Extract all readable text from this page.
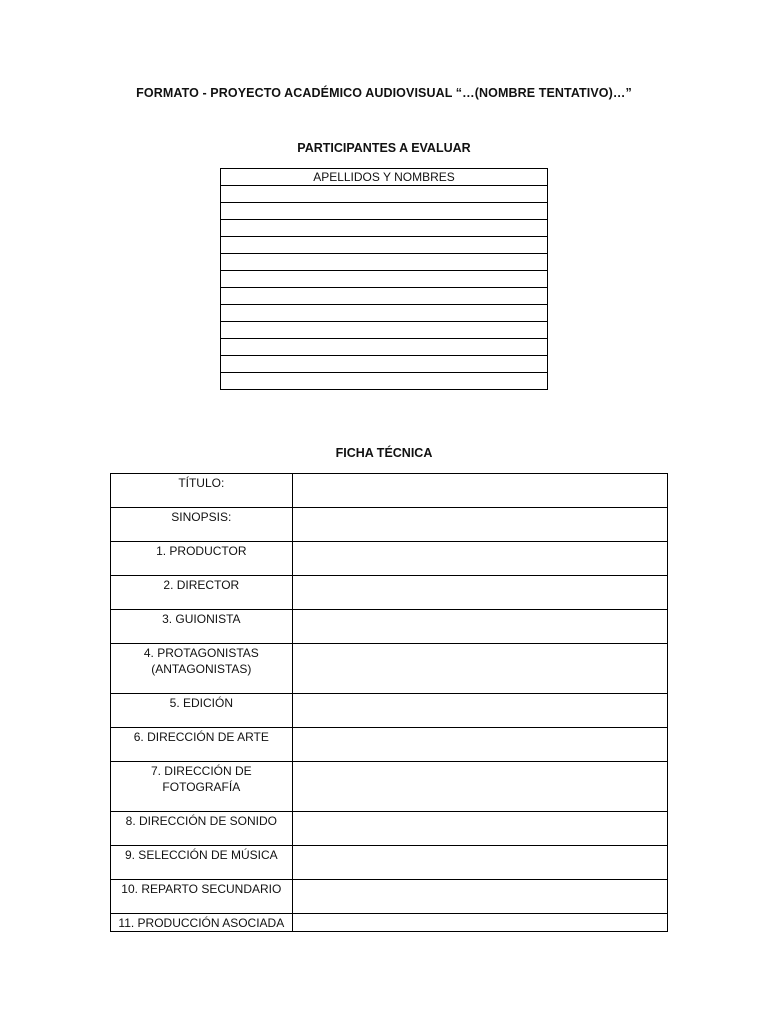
FORMATO - PROYECTO ACADÉMICO AUDIOVISUAL “…(NOMBRE TENTATIVO)…”
PARTICIPANTES A EVALUAR
APELLIDOS Y NOMBRES

FICHA TÉCNICA
TÍTULO:	
SINOPSIS:	
1. PRODUCTOR	
2. DIRECTOR	
3. GUIONISTA	
4. PROTAGONISTAS (ANTAGONISTAS)	
5. EDICIÓN	
6. DIRECCIÓN DE ARTE	
7. DIRECCIÓN DE FOTOGRAFÍA	
8. DIRECCIÓN DE SONIDO	
9. SELECCIÓN DE MÚSICA	
10. REPARTO SECUNDARIO	
11. PRODUCCIÓN ASOCIADA	
